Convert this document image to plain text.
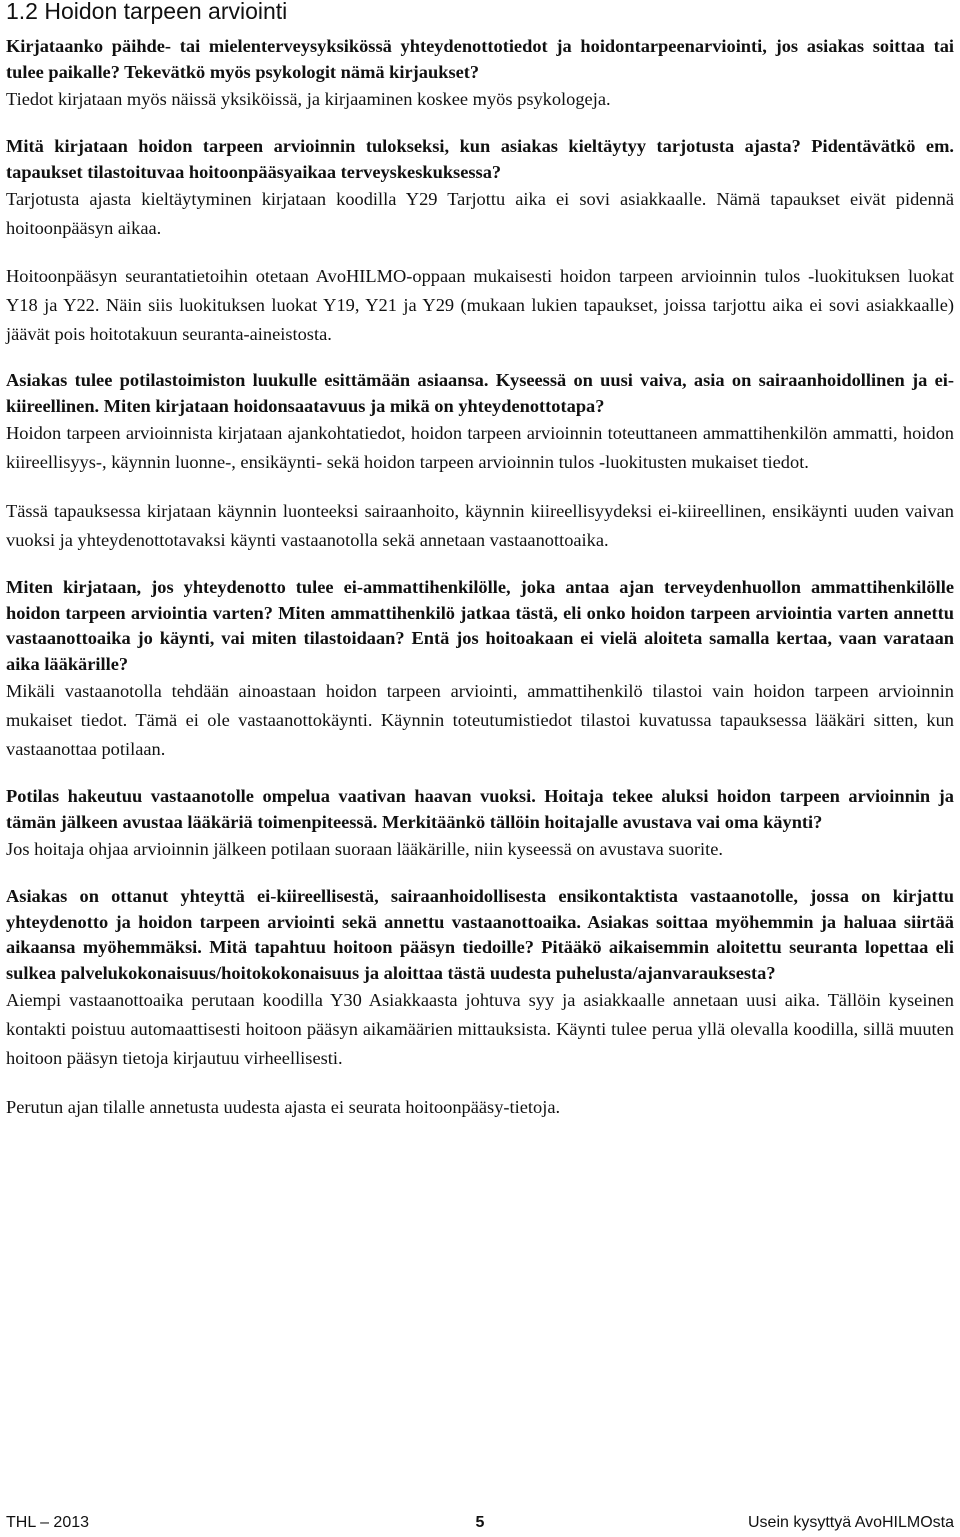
1.2 Hoidon tarpeen arviointi

Kirjataanko päihde- tai mielenterveysyksikössä yhteydenottotiedot ja hoidontarpeenarviointi, jos asiakas soittaa tai tulee paikalle? Tekevätkö myös psykologit nämä kirjaukset?

Tiedot kirjataan myös näissä yksiköissä, ja kirjaaminen koskee myös psykologeja.

Mitä kirjataan hoidon tarpeen arvioinnin tulokseksi, kun asiakas kieltäytyy tarjotusta ajasta? Pidentävätkö em. tapaukset tilastoituvaa hoitoonpääsyaikaa terveyskeskuksessa?

Tarjotusta ajasta kieltäytyminen kirjataan koodilla Y29 Tarjottu aika ei sovi asiakkaalle. Nämä tapaukset eivät pidennä hoitoonpääsyn aikaa.

Hoitoonpääsyn seurantatietoihin otetaan AvoHILMO-oppaan mukaisesti hoidon tarpeen arvioinnin tulos -luokituksen luokat Y18 ja Y22. Näin siis luokituksen luokat Y19, Y21 ja Y29 (mukaan lukien tapaukset, joissa tarjottu aika ei sovi asiakkaalle) jäävät pois hoitotakuun seuranta-aineistosta.

Asiakas tulee potilastoimiston luukulle esittämään asiaansa. Kyseessä on uusi vaiva, asia on sairaanhoidollinen ja ei-kiireellinen. Miten kirjataan hoidonsaatavuus ja mikä on yhteydenottotapa?

Hoidon tarpeen arvioinnista kirjataan ajankohtatiedot, hoidon tarpeen arvioinnin toteuttaneen ammattihenkilön ammatti, hoidon kiireellisyys-, käynnin luonne-, ensikäynti- sekä hoidon tarpeen arvioinnin tulos -luokitusten mukaiset tiedot.

Tässä tapauksessa kirjataan käynnin luonteeksi sairaanhoito, käynnin kiireellisyydeksi ei-kiireellinen, ensikäynti uuden vaivan vuoksi ja yhteydenottotavaksi käynti vastaanotolla sekä annetaan vastaanottoaika.

Miten kirjataan, jos yhteydenotto tulee ei-ammattihenkilölle, joka antaa ajan terveydenhuollon ammattihenkilölle hoidon tarpeen arviointia varten? Miten ammattihenkilö jatkaa tästä, eli onko hoidon tarpeen arviointia varten annettu vastaanottoaika jo käynti, vai miten tilastoidaan? Entä jos hoitoakaan ei vielä aloiteta samalla kertaa, vaan varataan aika lääkärille?

Mikäli vastaanotolla tehdään ainoastaan hoidon tarpeen arviointi, ammattihenkilö tilastoi vain hoidon tarpeen arvioinnin mukaiset tiedot. Tämä ei ole vastaanottokäynti. Käynnin toteutumistiedot tilastoi kuvatussa tapauksessa lääkäri sitten, kun vastaanottaa potilaan.

Potilas hakeutuu vastaanotolle ompelua vaativan haavan vuoksi. Hoitaja tekee aluksi hoidon tarpeen arvioinnin ja tämän jälkeen avustaa lääkäriä toimenpiteessä. Merkitäänkö tällöin hoitajalle avustava vai oma käynti?

Jos hoitaja ohjaa arvioinnin jälkeen potilaan suoraan lääkärille, niin kyseessä on avustava suorite.

Asiakas on ottanut yhteyttä ei-kiireellisestä, sairaanhoidollisesta ensikontaktista vastaanotolle, jossa on kirjattu yhteydenotto ja hoidon tarpeen arviointi sekä annettu vastaanottoaika. Asiakas soittaa myöhemmin ja haluaa siirtää aikaansa myöhemmäksi. Mitä tapahtuu hoitoon pääsyn tiedoille? Pitääkö aikaisemmin aloitettu seuranta lopettaa eli sulkea palvelukokonaisuus/hoitokokonaisuus ja aloittaa tästä uudesta puhelusta/ajanvarauksesta?

Aiempi vastaanottoaika perutaan koodilla Y30 Asiakkaasta johtuva syy ja asiakkaalle annetaan uusi aika. Tällöin kyseinen kontakti poistuu automaattisesti hoitoon pääsyn aikamäärien mittauksista. Käynti tulee perua yllä olevalla koodilla, sillä muuten hoitoon pääsyn tietoja kirjautuu virheellisesti.

Perutun ajan tilalle annetusta uudesta ajasta ei seurata hoitoonpääsy-tietoja.

THL – 2013	5	Usein kysyttyä AvoHILMOsta
